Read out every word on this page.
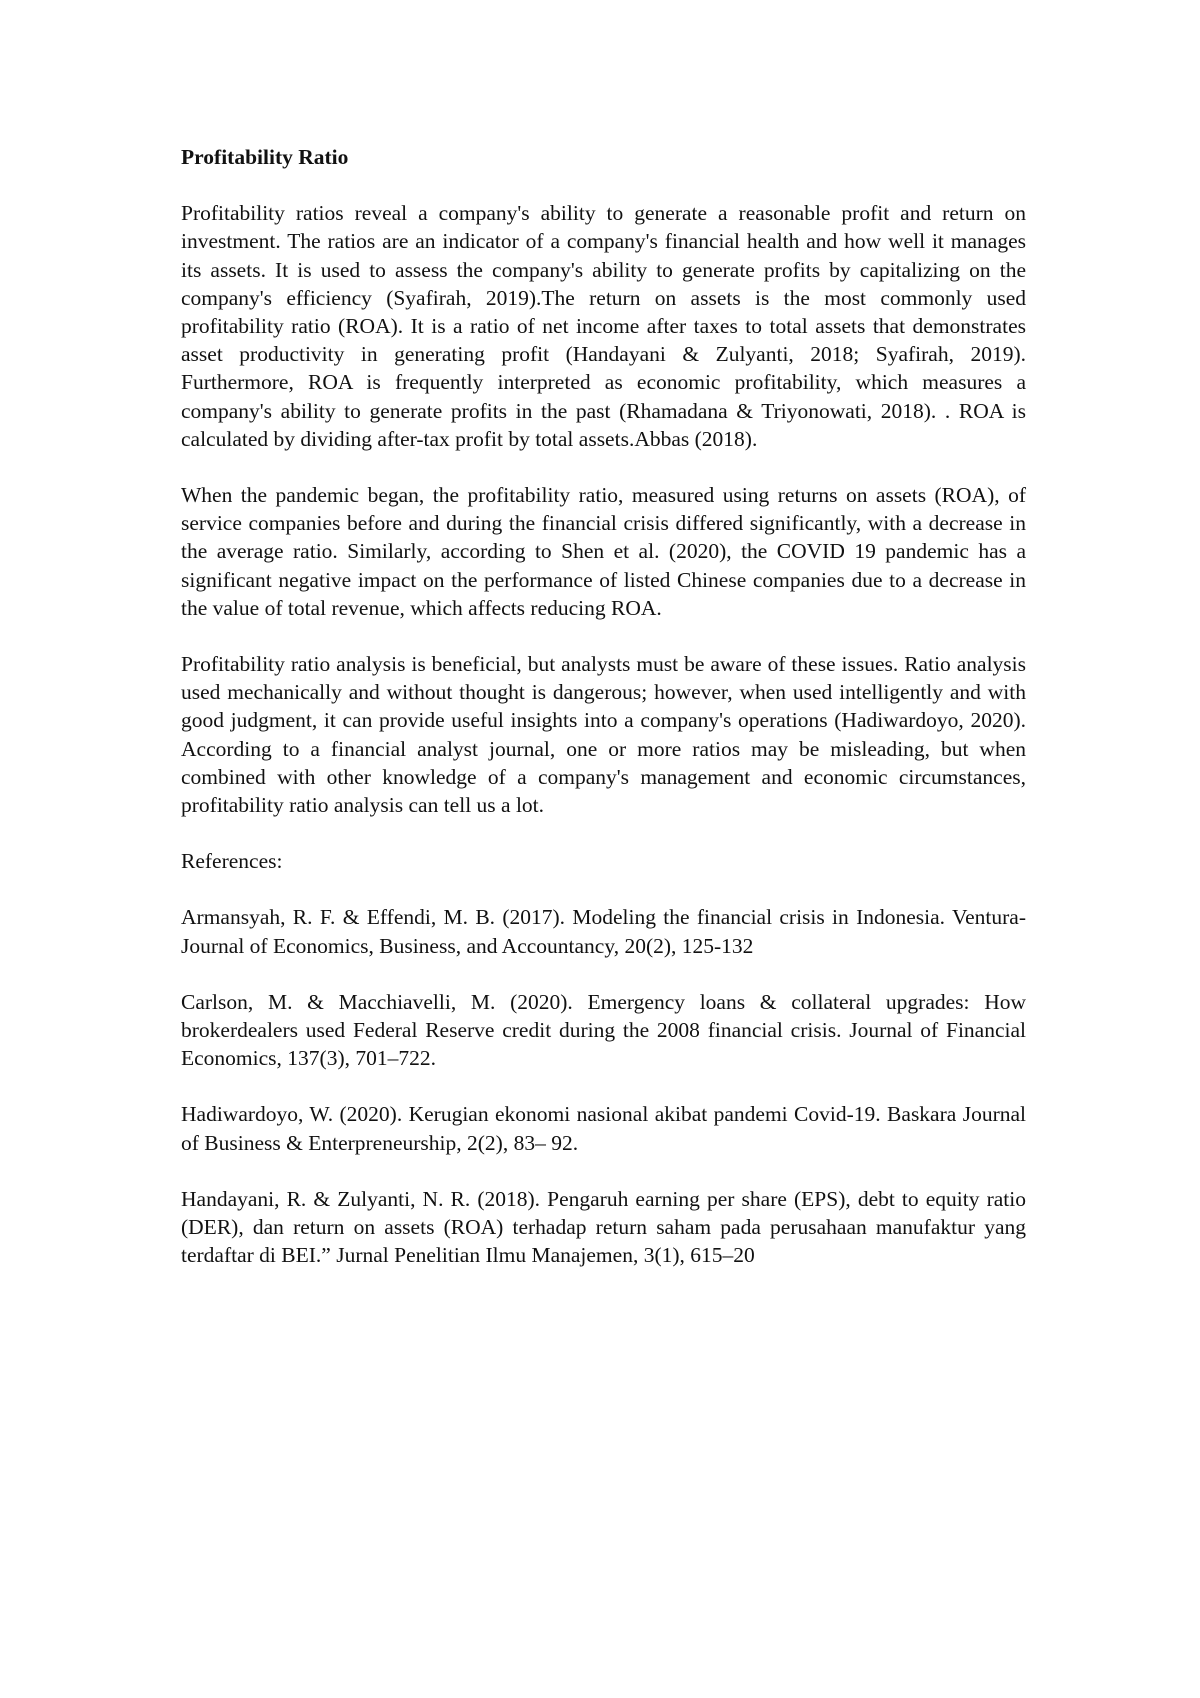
Profitability Ratio

Profitability ratios reveal a company's ability to generate a reasonable profit and return on investment. The ratios are an indicator of a company's financial health and how well it manages its assets. It is used to assess the company's ability to generate profits by capitalizing on the company's efficiency (Syafirah, 2019).The return on assets is the most commonly used profitability ratio (ROA). It is a ratio of net income after taxes to total assets that demonstrates asset productivity in generating profit (Handayani & Zulyanti, 2018; Syafirah, 2019). Furthermore, ROA is frequently interpreted as economic profitability, which measures a company's ability to generate profits in the past (Rhamadana & Triyonowati, 2018). . ROA is calculated by dividing after-tax profit by total assets.Abbas (2018).

When the pandemic began, the profitability ratio, measured using returns on assets (ROA), of service companies before and during the financial crisis differed significantly, with a decrease in the average ratio. Similarly, according to Shen et al. (2020), the COVID 19 pandemic has a significant negative impact on the performance of listed Chinese companies due to a decrease in the value of total revenue, which affects reducing ROA.

Profitability ratio analysis is beneficial, but analysts must be aware of these issues. Ratio analysis used mechanically and without thought is dangerous; however, when used intelligently and with good judgment, it can provide useful insights into a company's operations (Hadiwardoyo, 2020). According to a financial analyst journal, one or more ratios may be misleading, but when combined with other knowledge of a company's management and economic circumstances, profitability ratio analysis can tell us a lot.

References:

Armansyah, R. F. & Effendi, M. B. (2017). Modeling the financial crisis in Indonesia. Ventura-Journal of Economics, Business, and Accountancy, 20(2), 125-132

Carlson, M. & Macchiavelli, M. (2020). Emergency loans & collateral upgrades: How brokerdealers used Federal Reserve credit during the 2008 financial crisis. Journal of Financial Economics, 137(3), 701–722.

Hadiwardoyo, W. (2020). Kerugian ekonomi nasional akibat pandemi Covid-19. Baskara Journal of Business & Enterpreneurship, 2(2), 83– 92.

Handayani, R. & Zulyanti, N. R. (2018). Pengaruh earning per share (EPS), debt to equity ratio (DER), dan return on assets (ROA) terhadap return saham pada perusahaan manufaktur yang terdaftar di BEI.” Jurnal Penelitian Ilmu Manajemen, 3(1), 615–20
